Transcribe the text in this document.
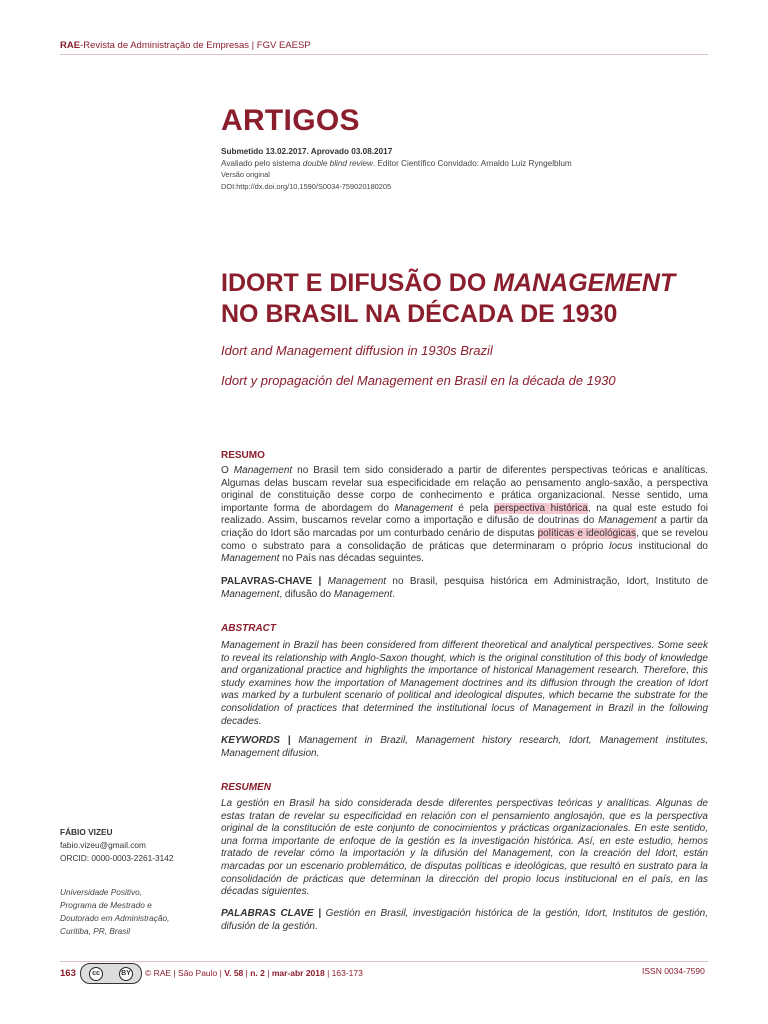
RAE-Revista de Administração de Empresas | FGV EAESP
ARTIGOS
Submetido 13.02.2017. Aprovado 03.08.2017
Avaliado pelo sistema double blind review. Editor Científico Convidado: Arnaldo Luiz Ryngelblum
Versão original
DOI:http://dx.doi.org/10.1590/S0034-759020180205
IDORT E DIFUSÃO DO MANAGEMENT NO BRASIL NA DÉCADA DE 1930
Idort and Management diffusion in 1930s Brazil
Idort y propagación del Management en Brasil en la década de 1930
RESUMO
O Management no Brasil tem sido considerado a partir de diferentes perspectivas teóricas e analíticas. Algumas delas buscam revelar sua especificidade em relação ao pensamento anglo-saxão, a perspectiva original de constituição desse corpo de conhecimento e prática organizacional. Nesse sentido, uma importante forma de abordagem do Management é pela perspectiva histórica, na qual este estudo foi realizado. Assim, buscamos revelar como a importação e difusão de doutrinas do Management a partir da criação do Idort são marcadas por um conturbado cenário de disputas políticas e ideológicas, que se revelou como o substrato para a consolidação de práticas que determinaram o próprio locus institucional do Management no País nas décadas seguintes.
PALAVRAS-CHAVE | Management no Brasil, pesquisa histórica em Administração, Idort, Instituto de Management, difusão do Management.
ABSTRACT
Management in Brazil has been considered from different theoretical and analytical perspectives. Some seek to reveal its relationship with Anglo-Saxon thought, which is the original constitution of this body of knowledge and organizational practice and highlights the importance of historical Management research. Therefore, this study examines how the importation of Management doctrines and its diffusion through the creation of Idort was marked by a turbulent scenario of political and ideological disputes, which became the substrate for the consolidation of practices that determined the institutional locus of Management in Brazil in the following decades.
KEYWORDS | Management in Brazil, Management history research, Idort, Management institutes, Management difusion.
RESUMEN
La gestión en Brasil ha sido considerada desde diferentes perspectivas teóricas y analíticas. Algunas de estas tratan de revelar su especificidad en relación con el pensamiento anglosajón, que es la perspectiva original de la constitución de este conjunto de conocimientos y prácticas organizacionales. En este sentido, una forma importante de enfoque de la gestión es la investigación histórica. Así, en este estudio, hemos tratado de revelar cómo la importación y la difusión del Management, con la creación del Idort, están marcadas por un escenario problemático, de disputas políticas e ideológicas, que resultó en sustrato para la consolidación de prácticas que determinan la dirección del propio locus institucional en el país, en las décadas siguientes.
PALABRAS CLAVE | Gestión en Brasil, investigación histórica de la gestión, Idort, Institutos de gestión, difusión de la gestión.
FÁBIO VIZEU
fabio.vizeu@gmail.com
ORCID: 0000-0003-2261-3142
Universidade Positivo,
Programa de Mestrado e
Doutorado em Administração,
Curitiba, PR, Brasil
163	cc	BY © RAE | São Paulo | V. 58 | n. 2 | mar-abr 2018 | 163-173	ISSN 0034-7590
